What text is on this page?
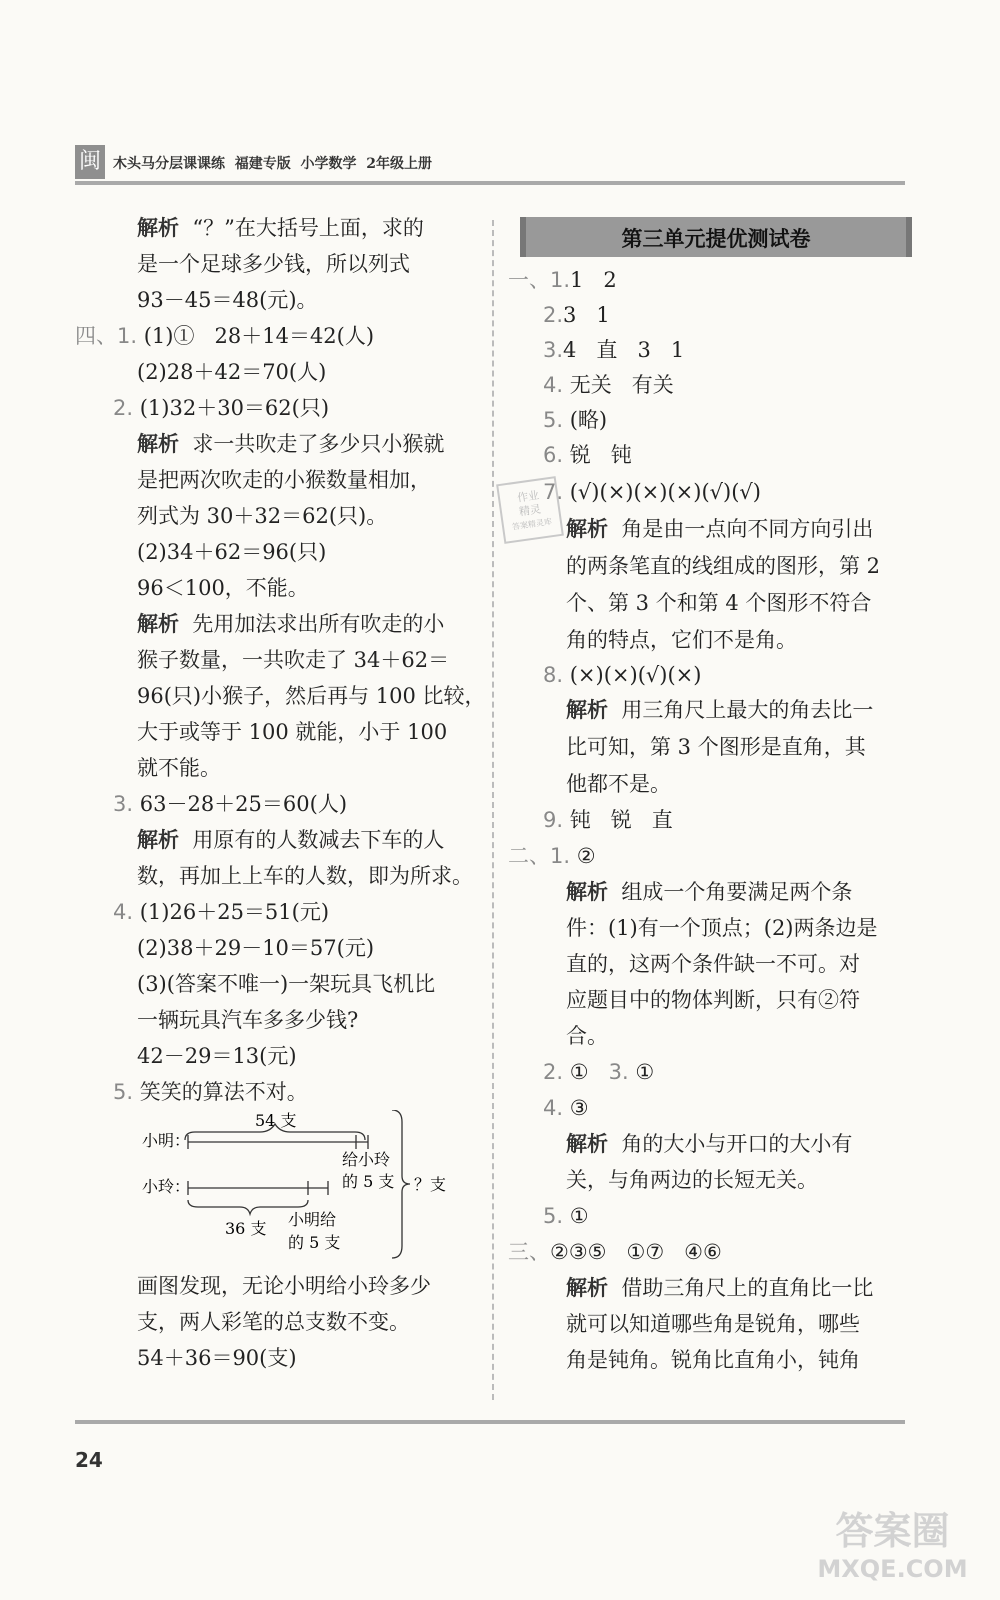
闽 木头马分层课课练  福建专版  小学数学  2年级上册
解析 “？”在大括号上面，求的
是一个足球多少钱，所以列式
93－45＝48(元)。
四、1. (1)①   28＋14＝42(人)
(2)28＋42＝70(人)
2. (1)32＋30＝62(只)
解析 求一共吹走了多少只小猴就
是把两次吹走的小猴数量相加，
列式为 30＋32＝62(只)。
(2)34＋62＝96(只)
96＜100，不能。
解析 先用加法求出所有吹走的小
猴子数量，一共吹走了 34＋62＝
96(只)小猴子，然后再与 100 比较，
大于或等于 100 就能，小于 100
就不能。
3. 63－28＋25＝60(人)
解析 用原有的人数减去下车的人
数，再加上上车的人数，即为所求。
4. (1)26＋25＝51(元)
(2)38＋29－10＝57(元)
(3)(答案不唯一)一架玩具飞机比
一辆玩具汽车多多少钱?
42－29＝13(元)
5. 笑笑的算法不对。
54 支
小明：
给小玲
的 5 支
小玲：
36 支 小明给
的 5 支
？支
画图发现，无论小明给小玲多少
支，两人彩笔的总支数不变。
54＋36＝90(支)
第三单元提优测试卷
一、1.1   2
2.3   1
3.4   直   3   1
4. 无关   有关
5. (略)
6. 锐   钝
7. (√)(×)(×)(×)(√)(√)
解析 角是由一点向不同方向引出
的两条笔直的线组成的图形，第 2
个、第 3 个和第 4 个图形不符合
角的特点，它们不是角。
8. (×)(×)(√)(×)
解析 用三角尺上最大的角去比一
比可知，第 3 个图形是直角，其
他都不是。
9. 钝   锐   直
二、1. ②
解析 组成一个角要满足两个条
件：(1)有一个顶点；(2)两条边是
直的，这两个条件缺一不可。对
应题目中的物体判断，只有②符
合。
2. ① 3. ①
4. ③
解析 角的大小与开口的大小有
关，与角两边的长短无关。
5. ①
三、②③⑤   ①⑦   ④⑥
解析 借助三角尺上的直角比一比
就可以知道哪些角是锐角，哪些
角是钝角。锐角比直角小，钝角
作业
精灵
答案精灵库
24
答案圈
MXQE.COM
